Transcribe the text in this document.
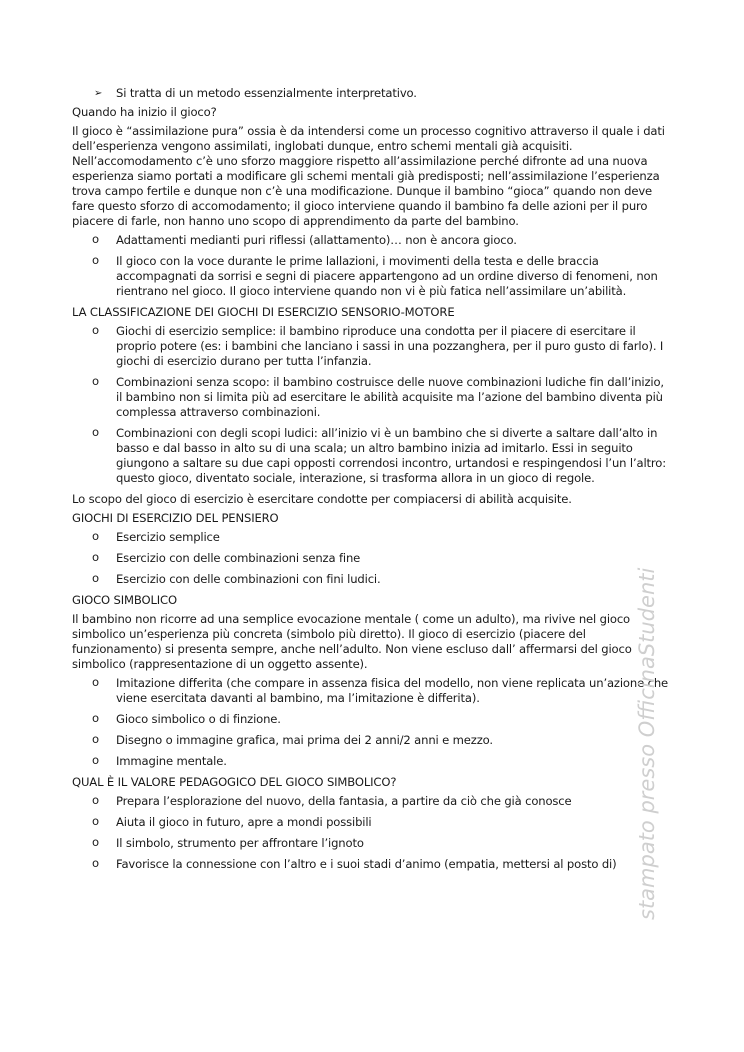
➢ Si tratta di un metodo essenzialmente interpretativo.

Quando ha inizio il gioco?

Il gioco è “assimilazione pura” ossia è da intendersi come un processo cognitivo attraverso il quale i dati dell’esperienza vengono assimilati, inglobati dunque, entro schemi mentali già acquisiti. Nell’accomodamento c’è uno sforzo maggiore rispetto all’assimilazione perché difronte ad una nuova esperienza siamo portati a modificare gli schemi mentali già predisposti; nell’assimilazione l’esperienza trova campo fertile e dunque non c’è una modificazione. Dunque il bambino “gioca” quando non deve fare questo sforzo di accomodamento; il gioco interviene quando il bambino fa delle azioni per il puro piacere di farle, non hanno uno scopo di apprendimento da parte del bambino.

o Adattamenti medianti puri riflessi (allattamento)… non è ancora gioco.
o Il gioco con la voce durante le prime lallazioni, i movimenti della testa e delle braccia accompagnati da sorrisi e segni di piacere appartengono ad un ordine diverso di fenomeni, non rientrano nel gioco. Il gioco interviene quando non vi è più fatica nell’assimilare un’abilità.

LA CLASSIFICAZIONE DEI GIOCHI DI ESERCIZIO SENSORIO-MOTORE

o Giochi di esercizio semplice: il bambino riproduce una condotta per il piacere di esercitare il proprio potere (es: i bambini che lanciano i sassi in una pozzanghera, per il puro gusto di farlo). I giochi di esercizio durano per tutta l’infanzia.
o Combinazioni senza scopo: il bambino costruisce delle nuove combinazioni ludiche fin dall’inizio, il bambino non si limita più ad esercitare le abilità acquisite ma l’azione del bambino diventa più complessa attraverso combinazioni.
o Combinazioni con degli scopi ludici: all’inizio vi è un bambino che si diverte a saltare dall’alto in basso e dal basso in alto su di una scala; un altro bambino inizia ad imitarlo. Essi in seguito giungono a saltare su due capi opposti correndosi incontro, urtandosi e respingendosi l’un l’altro: questo gioco, diventato sociale, interazione, si trasforma allora in un gioco di regole.

Lo scopo del gioco di esercizio è esercitare condotte per compiacersi di abilità acquisite.

GIOCHI DI ESERCIZIO DEL PENSIERO

o Esercizio semplice
o Esercizio con delle combinazioni senza fine
o Esercizio con delle combinazioni con fini ludici.

GIOCO SIMBOLICO

Il bambino non ricorre ad una semplice evocazione mentale ( come un adulto), ma rivive nel gioco simbolico un’esperienza più concreta (simbolo più diretto). Il gioco di esercizio (piacere del funzionamento) si presenta sempre, anche nell’adulto. Non viene escluso dall’ affermarsi del gioco simbolico (rappresentazione di un oggetto assente).

o Imitazione differita (che compare in assenza fisica del modello, non viene replicata un’azione che viene esercitata davanti al bambino, ma l’imitazione è differita).
o Gioco simbolico o di finzione.
o Disegno o immagine grafica, mai prima dei 2 anni/2 anni e mezzo.
o Immagine mentale.

QUAL È IL VALORE PEDAGOGICO DEL GIOCO SIMBOLICO?

o Prepara l’esplorazione del nuovo, della fantasia, a partire da ciò che già conosce
o Aiuta il gioco in futuro, apre a mondi possibili
o Il simbolo, strumento per affrontare l’ignoto
o Favorisce la connessione con l’altro e i suoi stadi d’animo (empatia, mettersi al posto di) stampato presso OfficinaStudenti
